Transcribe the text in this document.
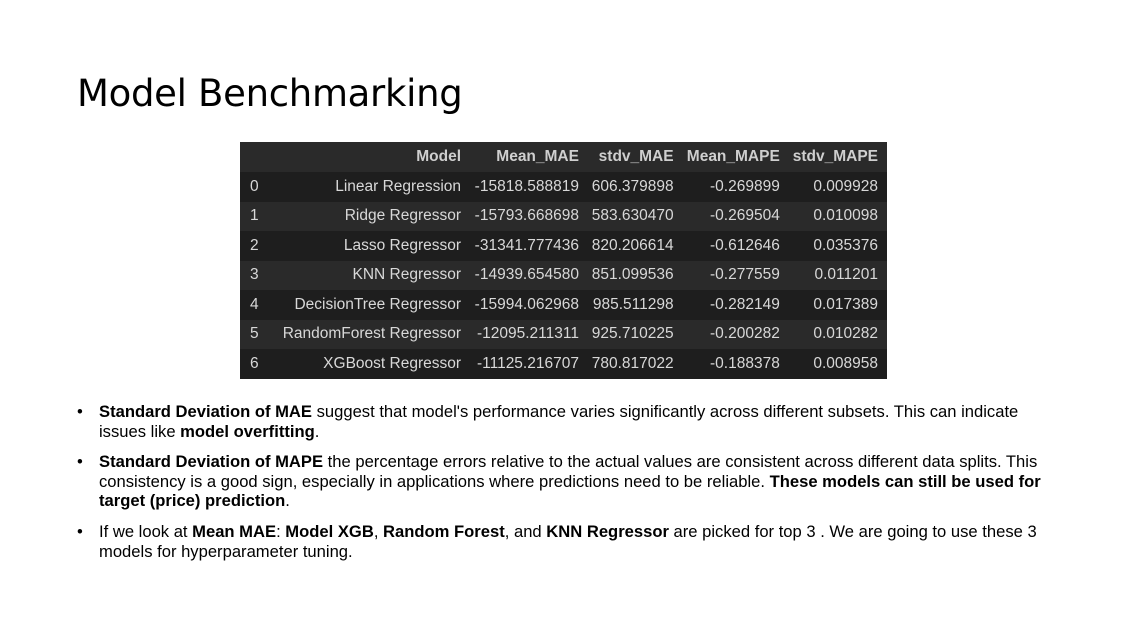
Model Benchmarking
	Model	Mean_MAE	stdv_MAE	Mean_MAPE	stdv_MAPE
0	Linear Regression	-15818.588819	606.379898	-0.269899	0.009928
1	Ridge Regressor	-15793.668698	583.630470	-0.269504	0.010098
2	Lasso Regressor	-31341.777436	820.206614	-0.612646	0.035376
3	KNN Regressor	-14939.654580	851.099536	-0.277559	0.011201
4	DecisionTree Regressor	-15994.062968	985.511298	-0.282149	0.017389
5	RandomForest Regressor	-12095.211311	925.710225	-0.200282	0.010282
6	XGBoost Regressor	-11125.216707	780.817022	-0.188378	0.008958
• Standard Deviation of MAE suggest that model's performance varies significantly across different subsets. This can indicate issues like model overfitting.
• Standard Deviation of MAPE the percentage errors relative to the actual values are consistent across different data splits. This consistency is a good sign, especially in applications where predictions need to be reliable. These models can still be used for target (price) prediction.
• If we look at Mean MAE: Model XGB, Random Forest, and KNN Regressor are picked for top 3 . We are going to use these 3 models for hyperparameter tuning.
